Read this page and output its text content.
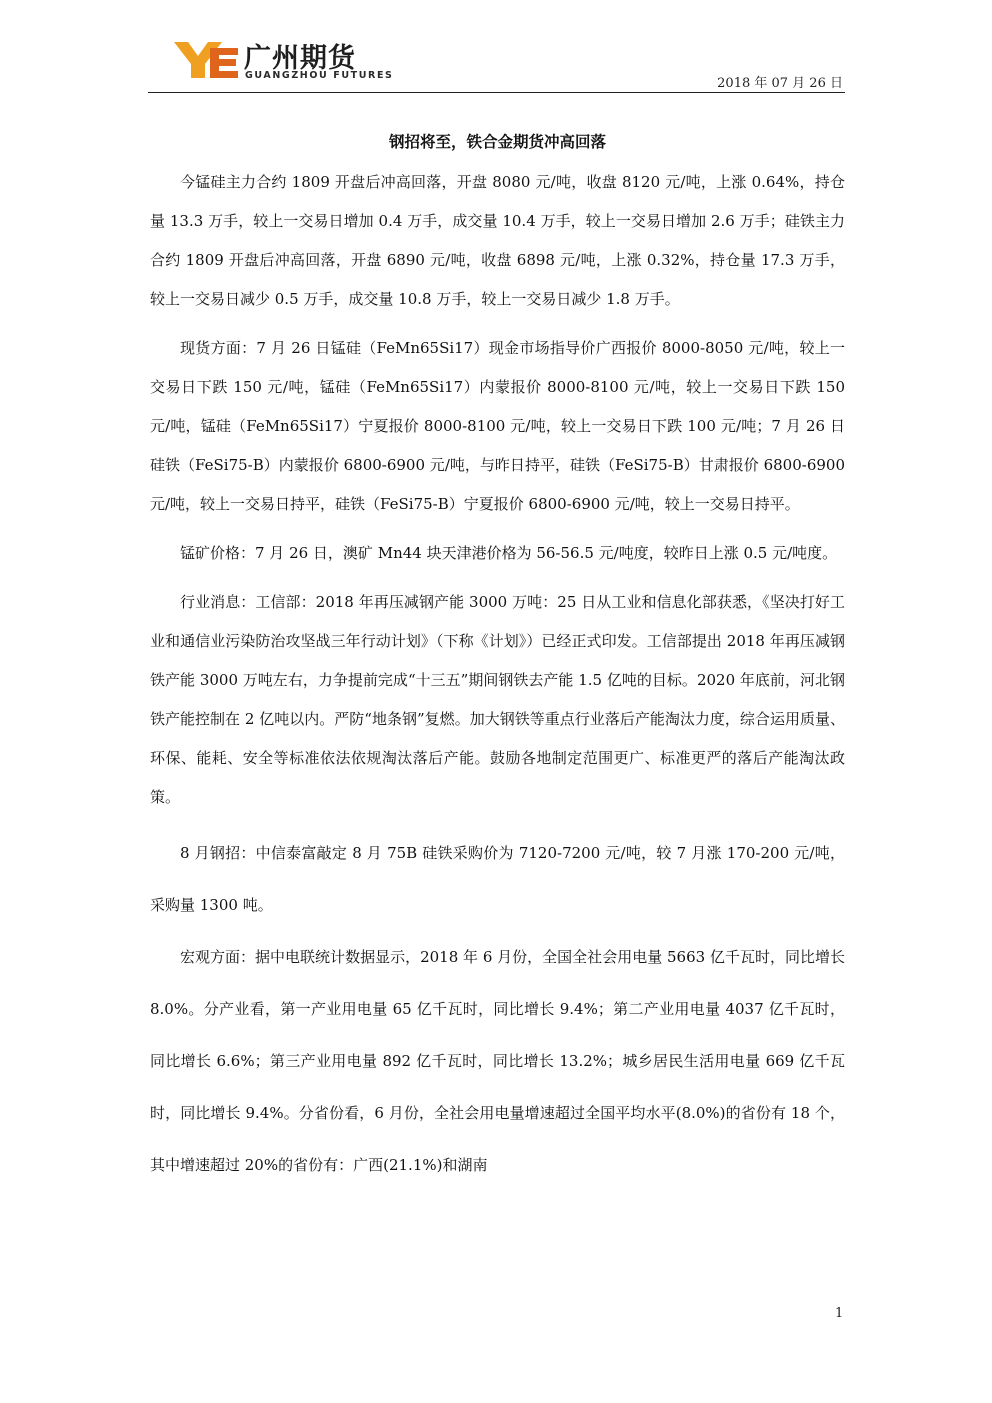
广州期货
GUANGZHOU FUTURES
2018 年 07 月 26 日
钢招将至，铁合金期货冲高回落

今锰硅主力合约 1809 开盘后冲高回落，开盘 8080 元/吨，收盘 8120 元/吨，上涨 0.64%，持仓量 13.3 万手，较上一交易日增加 0.4 万手，成交量 10.4 万手，较上一交易日增加 2.6 万手；硅铁主力合约 1809 开盘后冲高回落，开盘 6890 元/吨，收盘 6898 元/吨，上涨 0.32%，持仓量 17.3 万手，较上一交易日减少 0.5 万手，成交量 10.8 万手，较上一交易日减少 1.8 万手。

现货方面：7 月 26 日锰硅（FeMn65Si17）现金市场指导价广西报价 8000-8050 元/吨，较上一交易日下跌 150 元/吨，锰硅（FeMn65Si17）内蒙报价 8000-8100 元/吨，较上一交易日下跌 150 元/吨，锰硅（FeMn65Si17）宁夏报价 8000-8100 元/吨，较上一交易日下跌 100 元/吨；7 月 26 日硅铁（FeSi75-B）内蒙报价 6800-6900 元/吨，与昨日持平，硅铁（FeSi75-B）甘肃报价 6800-6900 元/吨，较上一交易日持平，硅铁（FeSi75-B）宁夏报价 6800-6900 元/吨，较上一交易日持平。

锰矿价格：7 月 26 日，澳矿 Mn44 块天津港价格为 56-56.5 元/吨度，较昨日上涨 0.5 元/吨度。

行业消息：工信部：2018 年再压减钢产能 3000 万吨：25 日从工业和信息化部获悉，《坚决打好工业和通信业污染防治攻坚战三年行动计划》（下称《计划》）已经正式印发。工信部提出 2018 年再压减钢铁产能 3000 万吨左右，力争提前完成“十三五”期间钢铁去产能 1.5 亿吨的目标。2020 年底前，河北钢铁产能控制在 2 亿吨以内。严防“地条钢”复燃。加大钢铁等重点行业落后产能淘汰力度，综合运用质量、环保、能耗、安全等标准依法依规淘汰落后产能。鼓励各地制定范围更广、标准更严的落后产能淘汰政策。

8 月钢招：中信泰富敲定 8 月 75B 硅铁采购价为 7120-7200 元/吨，较 7 月涨 170-200 元/吨，采购量 1300 吨。

宏观方面：据中电联统计数据显示，2018 年 6 月份，全国全社会用电量 5663 亿千瓦时，同比增长 8.0%。分产业看，第一产业用电量 65 亿千瓦时，同比增长 9.4%；第二产业用电量 4037 亿千瓦时，同比增长 6.6%；第三产业用电量 892 亿千瓦时，同比增长 13.2%；城乡居民生活用电量 669 亿千瓦时，同比增长 9.4%。分省份看，6 月份，全社会用电量增速超过全国平均水平(8.0%)的省份有 18 个，其中增速超过 20%的省份有：广西(21.1%)和湖南

1
